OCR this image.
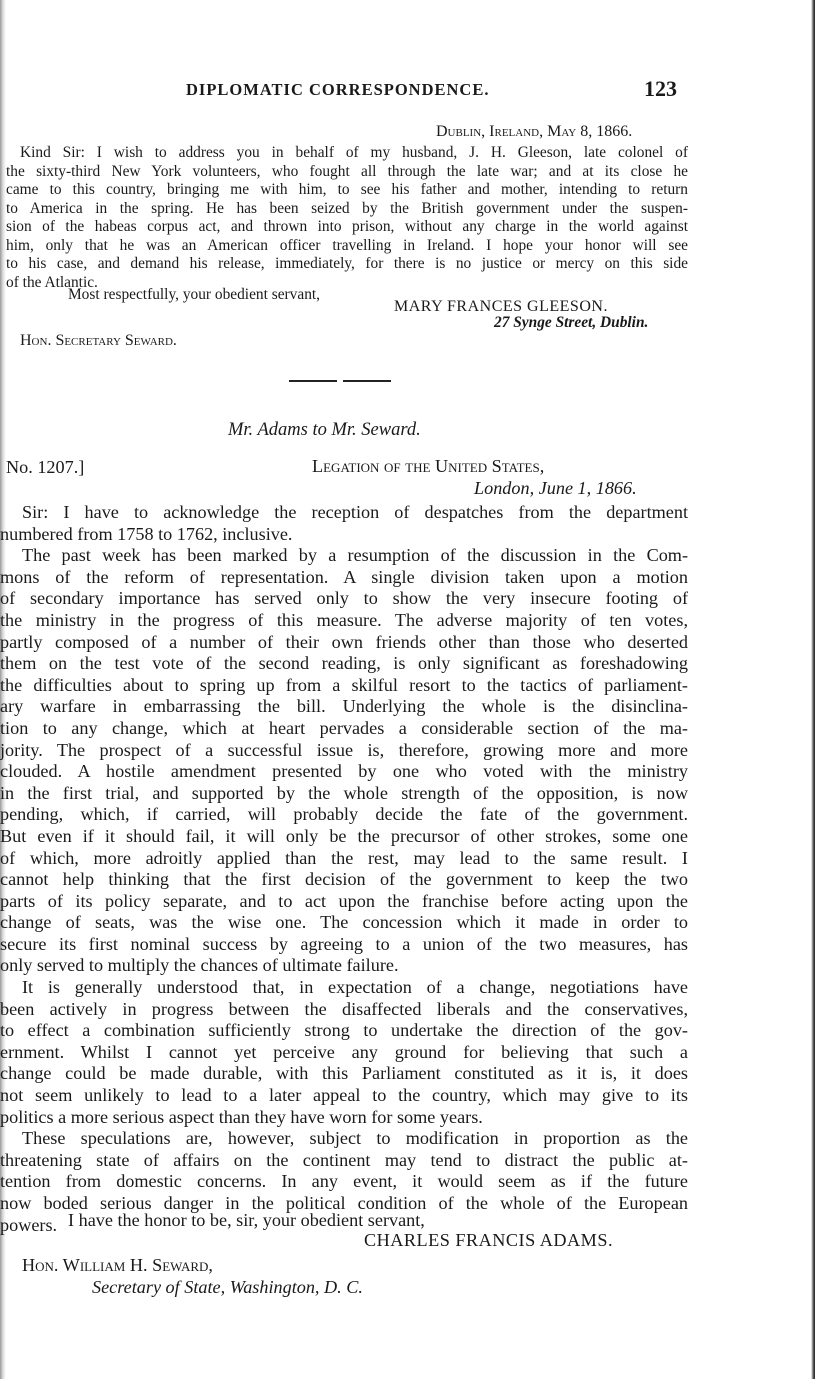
DIPLOMATIC CORRESPONDENCE.	123
Dublin, Ireland, May 8, 1866.
Kind Sir: I wish to address you in behalf of my husband, J. H. Gleeson, late colonel of
the sixty-third New York volunteers, who fought all through the late war; and at its close he
came to this country, bringing me with him, to see his father and mother, intending to return
to America in the spring. He has been seized by the British government under the suspen-
sion of the habeas corpus act, and thrown into prison, without any charge in the world against
him, only that he was an American officer travelling in Ireland. I hope your honor will see
to his case, and demand his release, immediately, for there is no justice or mercy on this side
of the Atlantic.
Most respectfully, your obedient servant,
MARY FRANCES GLEESON.
27 Synge Street, Dublin.
Hon. Secretary Seward.
Mr. Adams to Mr. Seward.
No. 1207.]	Legation of the United States,
London, June 1, 1866.
Sir: I have to acknowledge the reception of despatches from the department
numbered from 1758 to 1762, inclusive.
The past week has been marked by a resumption of the discussion in the Com-
mons of the reform of representation. A single division taken upon a motion
of secondary importance has served only to show the very insecure footing of
the ministry in the progress of this measure. The adverse majority of ten votes,
partly composed of a number of their own friends other than those who deserted
them on the test vote of the second reading, is only significant as foreshadowing
the difficulties about to spring up from a skilful resort to the tactics of parliament-
ary warfare in embarrassing the bill. Underlying the whole is the disinclina-
tion to any change, which at heart pervades a considerable section of the ma-
jority. The prospect of a successful issue is, therefore, growing more and more
clouded. A hostile amendment presented by one who voted with the ministry
in the first trial, and supported by the whole strength of the opposition, is now
pending, which, if carried, will probably decide the fate of the government.
But even if it should fail, it will only be the precursor of other strokes, some one
of which, more adroitly applied than the rest, may lead to the same result. I
cannot help thinking that the first decision of the government to keep the two
parts of its policy separate, and to act upon the franchise before acting upon the
change of seats, was the wise one. The concession which it made in order to
secure its first nominal success by agreeing to a union of the two measures, has
only served to multiply the chances of ultimate failure.
It is generally understood that, in expectation of a change, negotiations have
been actively in progress between the disaffected liberals and the conservatives,
to effect a combination sufficiently strong to undertake the direction of the gov-
ernment. Whilst I cannot yet perceive any ground for believing that such a
change could be made durable, with this Parliament constituted as it is, it does
not seem unlikely to lead to a later appeal to the country, which may give to its
politics a more serious aspect than they have worn for some years.
These speculations are, however, subject to modification in proportion as the
threatening state of affairs on the continent may tend to distract the public at-
tention from domestic concerns. In any event, it would seem as if the future
now boded serious danger in the political condition of the whole of the European
powers. I have the honor to be, sir, your obedient servant,
CHARLES FRANCIS ADAMS.
Hon. William H. Seward,
Secretary of State, Washington, D. C.
